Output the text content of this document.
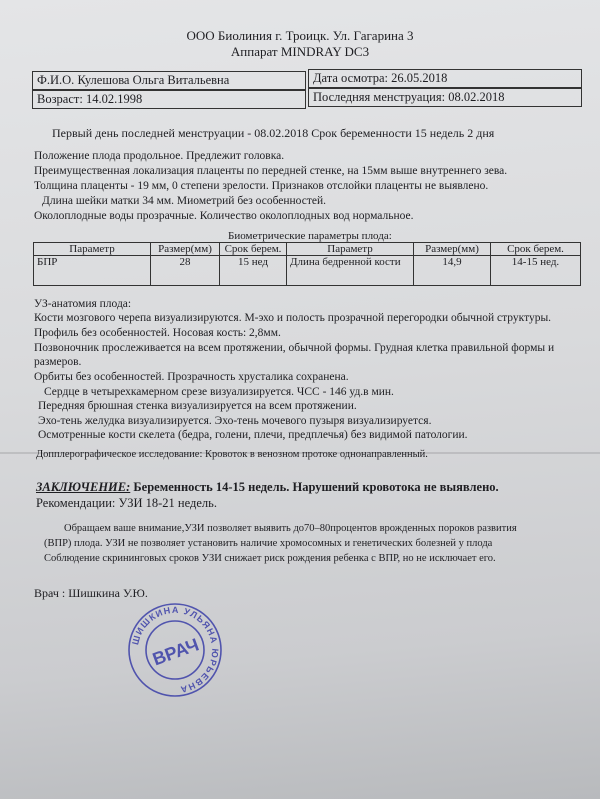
ООО Биолиния г. Троицк. Ул. Гагарина 3
Аппарат MINDRAY DC3
Ф.И.О. Кулешова Ольга Витальевна
Возраст: 14.02.1998
Дата осмотра: 26.05.2018
Последняя менструация: 08.02.2018
Первый день последней менструации - 08.02.2018 Срок беременности 15 недель 2 дня
Положение плода продольное. Предлежит головка.
Преимущественная локализация плаценты по передней стенке, на 15мм выше внутреннего зева.
Толщина плаценты - 19 мм, 0 степени зрелости. Признаков отслойки плаценты не выявлено.
Длина шейки матки 34 мм. Миометрий без особенностей.
Околоплодные воды прозрачные. Количество околоплодных вод нормальное.
Биометрические параметры плода:
Параметр	Размер(мм)	Срок берем.	Параметр	Размер(мм)	Срок берем.
БПР	28	15 нед	Длина бедренной кости	14,9	14-15 нед.
УЗ-анатомия плода:
Кости мозгового черепа визуализируются. М-эхо и полость прозрачной перегородки обычной структуры.
Профиль без особенностей. Носовая кость: 2,8мм.
Позвоночник прослеживается на всем протяжении, обычной формы. Грудная клетка правильной формы и
размеров.
Орбиты без особенностей. Прозрачность хрусталика сохранена.
Сердце в четырехкамерном срезе визуализируется. ЧСС - 146 уд.в мин.
Передняя брюшная стенка визуализируется на всем протяжении.
Эхо-тень желудка визуализируется. Эхо-тень мочевого пузыря визуализируется.
Осмотренные кости скелета (бедра, голени, плечи, предплечья) без видимой патологии.
Допплерографическое исследование: Кровоток в венозном протоке однонаправленный.
ЗАКЛЮЧЕНИЕ: Беременность 14-15 недель. Нарушений кровотока не выявлено.
Рекомендации: УЗИ 18-21 недель.
Обращаем ваше внимание,УЗИ позволяет выявить до70–80процентов врожденных пороков развития
(ВПР) плода. УЗИ не позволяет установить наличие хромосомных и генетических болезней у плода
Соблюдение скрининговых сроков УЗИ снижает риск рождения ребенка с ВПР, но не исключает его.
Врач : Шишкина У.Ю.
ШИШКИНА УЛЬЯНА ЮРЬЕВНА
ВРАЧ
